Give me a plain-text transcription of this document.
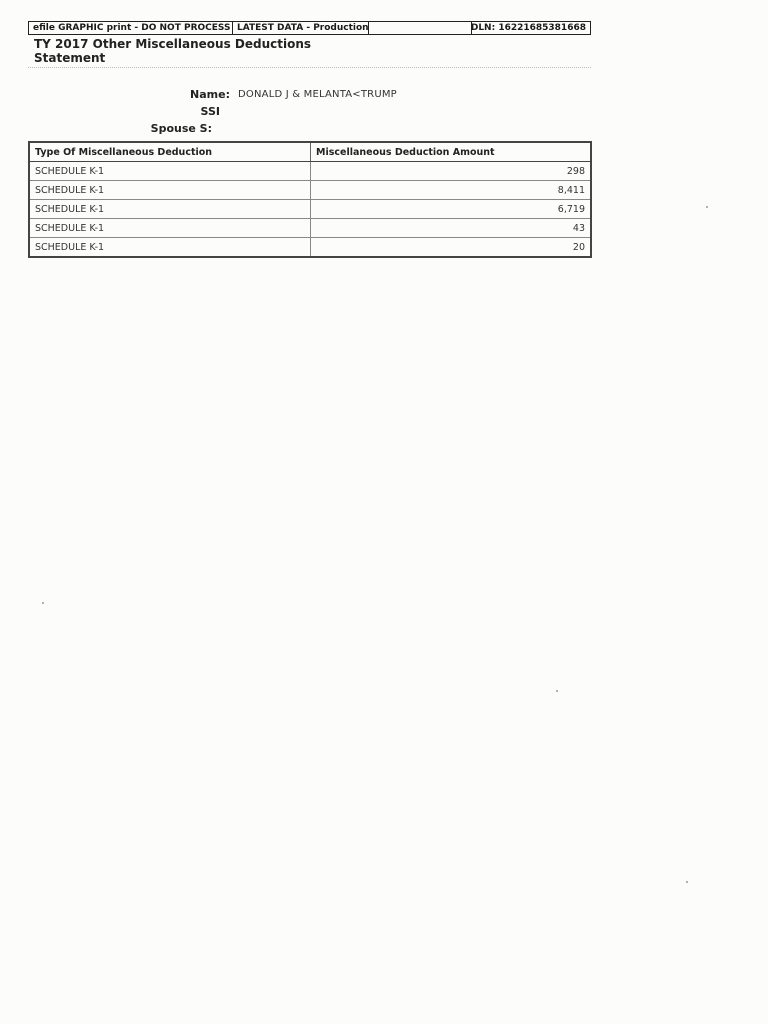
efile GRAPHIC print - DO NOT PROCESS LATEST DATA - Production	DLN: 16221685381668
TY 2017 Other Miscellaneous Deductions
Statement
Name: DONALD J & MELANTA<TRUMP
SSI
Spouse S:
Type Of Miscellaneous Deduction	Miscellaneous Deduction Amount
SCHEDULE K-1	298
SCHEDULE K-1	8,411
SCHEDULE K-1	6,719
SCHEDULE K-1	43
SCHEDULE K-1	20
